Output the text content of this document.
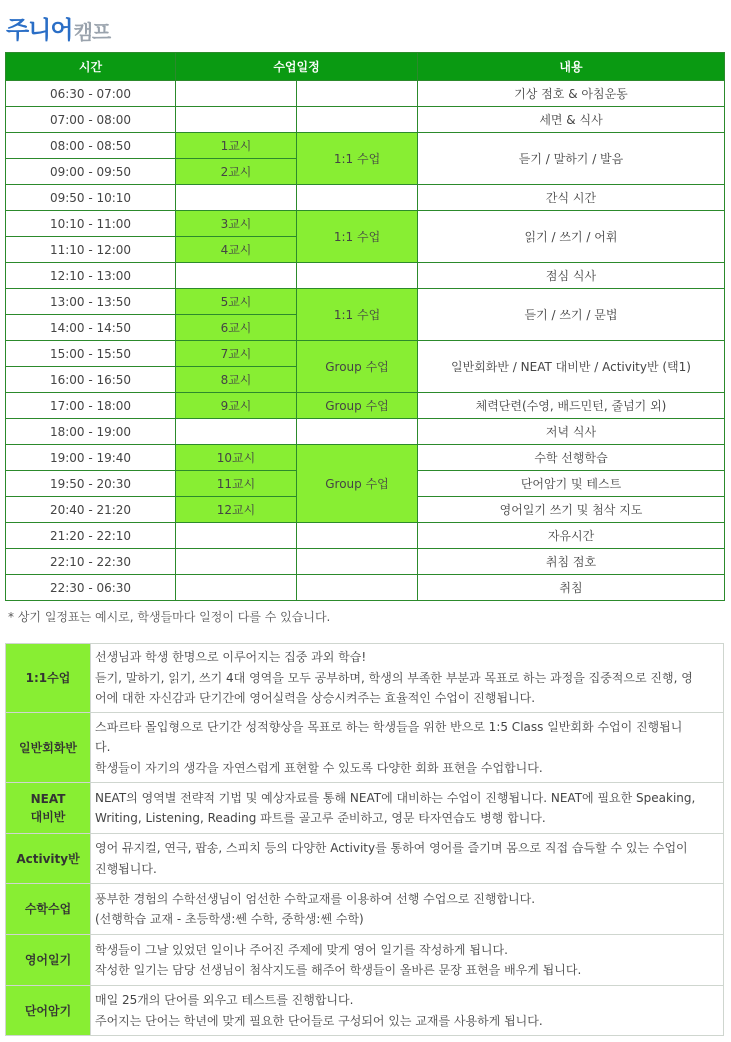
주니어 캠프
시간	수업일정		내용
06:30 - 07:00			기상 점호 & 아침운동
07:00 - 08:00			세면 & 식사
08:00 - 08:50	1교시	1:1 수업	듣기 / 말하기 / 발음
09:00 - 09:50	2교시		
09:50 - 10:10			간식 시간
10:10 - 11:00	3교시	1:1 수업	읽기 / 쓰기 / 어휘
11:10 - 12:00	4교시		
12:10 - 13:00			점심 식사
13:00 - 13:50	5교시	1:1 수업	듣기 / 쓰기 / 문법
14:00 - 14:50	6교시		
15:00 - 15:50	7교시	Group 수업	일반회화반 / NEAT 대비반 / Activity반 (택1)
16:00 - 16:50	8교시		
17:00 - 18:00	9교시	Group 수업	체력단련(수영, 배드민턴, 줄넘기 외)
18:00 - 19:00			저녁 식사
19:00 - 19:40	10교시	Group 수업	수학 선행학습
19:50 - 20:30	11교시		단어암기 및 테스트
20:40 - 21:20	12교시		영어일기 쓰기 및 첨삭 지도
21:20 - 22:10			자유시간
22:10 - 22:30			취침 점호
22:30 - 06:30			취침
* 상기 일정표는 예시로, 학생들마다 일정이 다를 수 있습니다.
1:1수업	선생님과 학생 한명으로 이루어지는 집중 과외 학습!
듣기, 말하기, 읽기, 쓰기 4대 영역을 모두 공부하며, 학생의 부족한 부분과 목표로 하는 과정을 집중적으로 진행, 영
어에 대한 자신감과 단기간에 영어실력을 상승시켜주는 효율적인 수업이 진행됩니다.

일반회화반	스파르타 몰입형으로 단기간 성적향상을 목표로 하는 학생들을 위한 반으로 1:5 Class 일반회화 수업이 진행됩니
다.
학생들이 자기의 생각을 자연스럽게 표현할 수 있도록 다양한 회화 표현을 수업합니다.

NEAT
대비반	NEAT의 영역별 전략적 기법 및 예상자료를 통해 NEAT에 대비하는 수업이 진행됩니다. NEAT에 필요한 Speaking,
Writing, Listening, Reading 파트를 골고루 준비하고, 영문 타자연습도 병행 합니다.

Activity반	영어 뮤지컬, 연극, 팝송, 스피치 등의 다양한 Activity를 통하여 영어를 즐기며 몸으로 직접 습득할 수 있는 수업이
진행됩니다.

수학수업	풍부한 경험의 수학선생님이 엄선한 수학교재를 이용하여 선행 수업으로 진행합니다.
(선행학습 교재 - 초등학생:쎈 수학, 중학생:쎈 수학)

영어일기	학생들이 그날 있었던 일이나 주어진 주제에 맞게 영어 일기를 작성하게 됩니다.
작성한 일기는 담당 선생님이 첨삭지도를 해주어 학생들이 올바른 문장 표현을 배우게 됩니다.

단어암기	매일 25개의 단어를 외우고 테스트를 진행합니다.
주어지는 단어는 학년에 맞게 필요한 단어들로 구성되어 있는 교재를 사용하게 됩니다.
